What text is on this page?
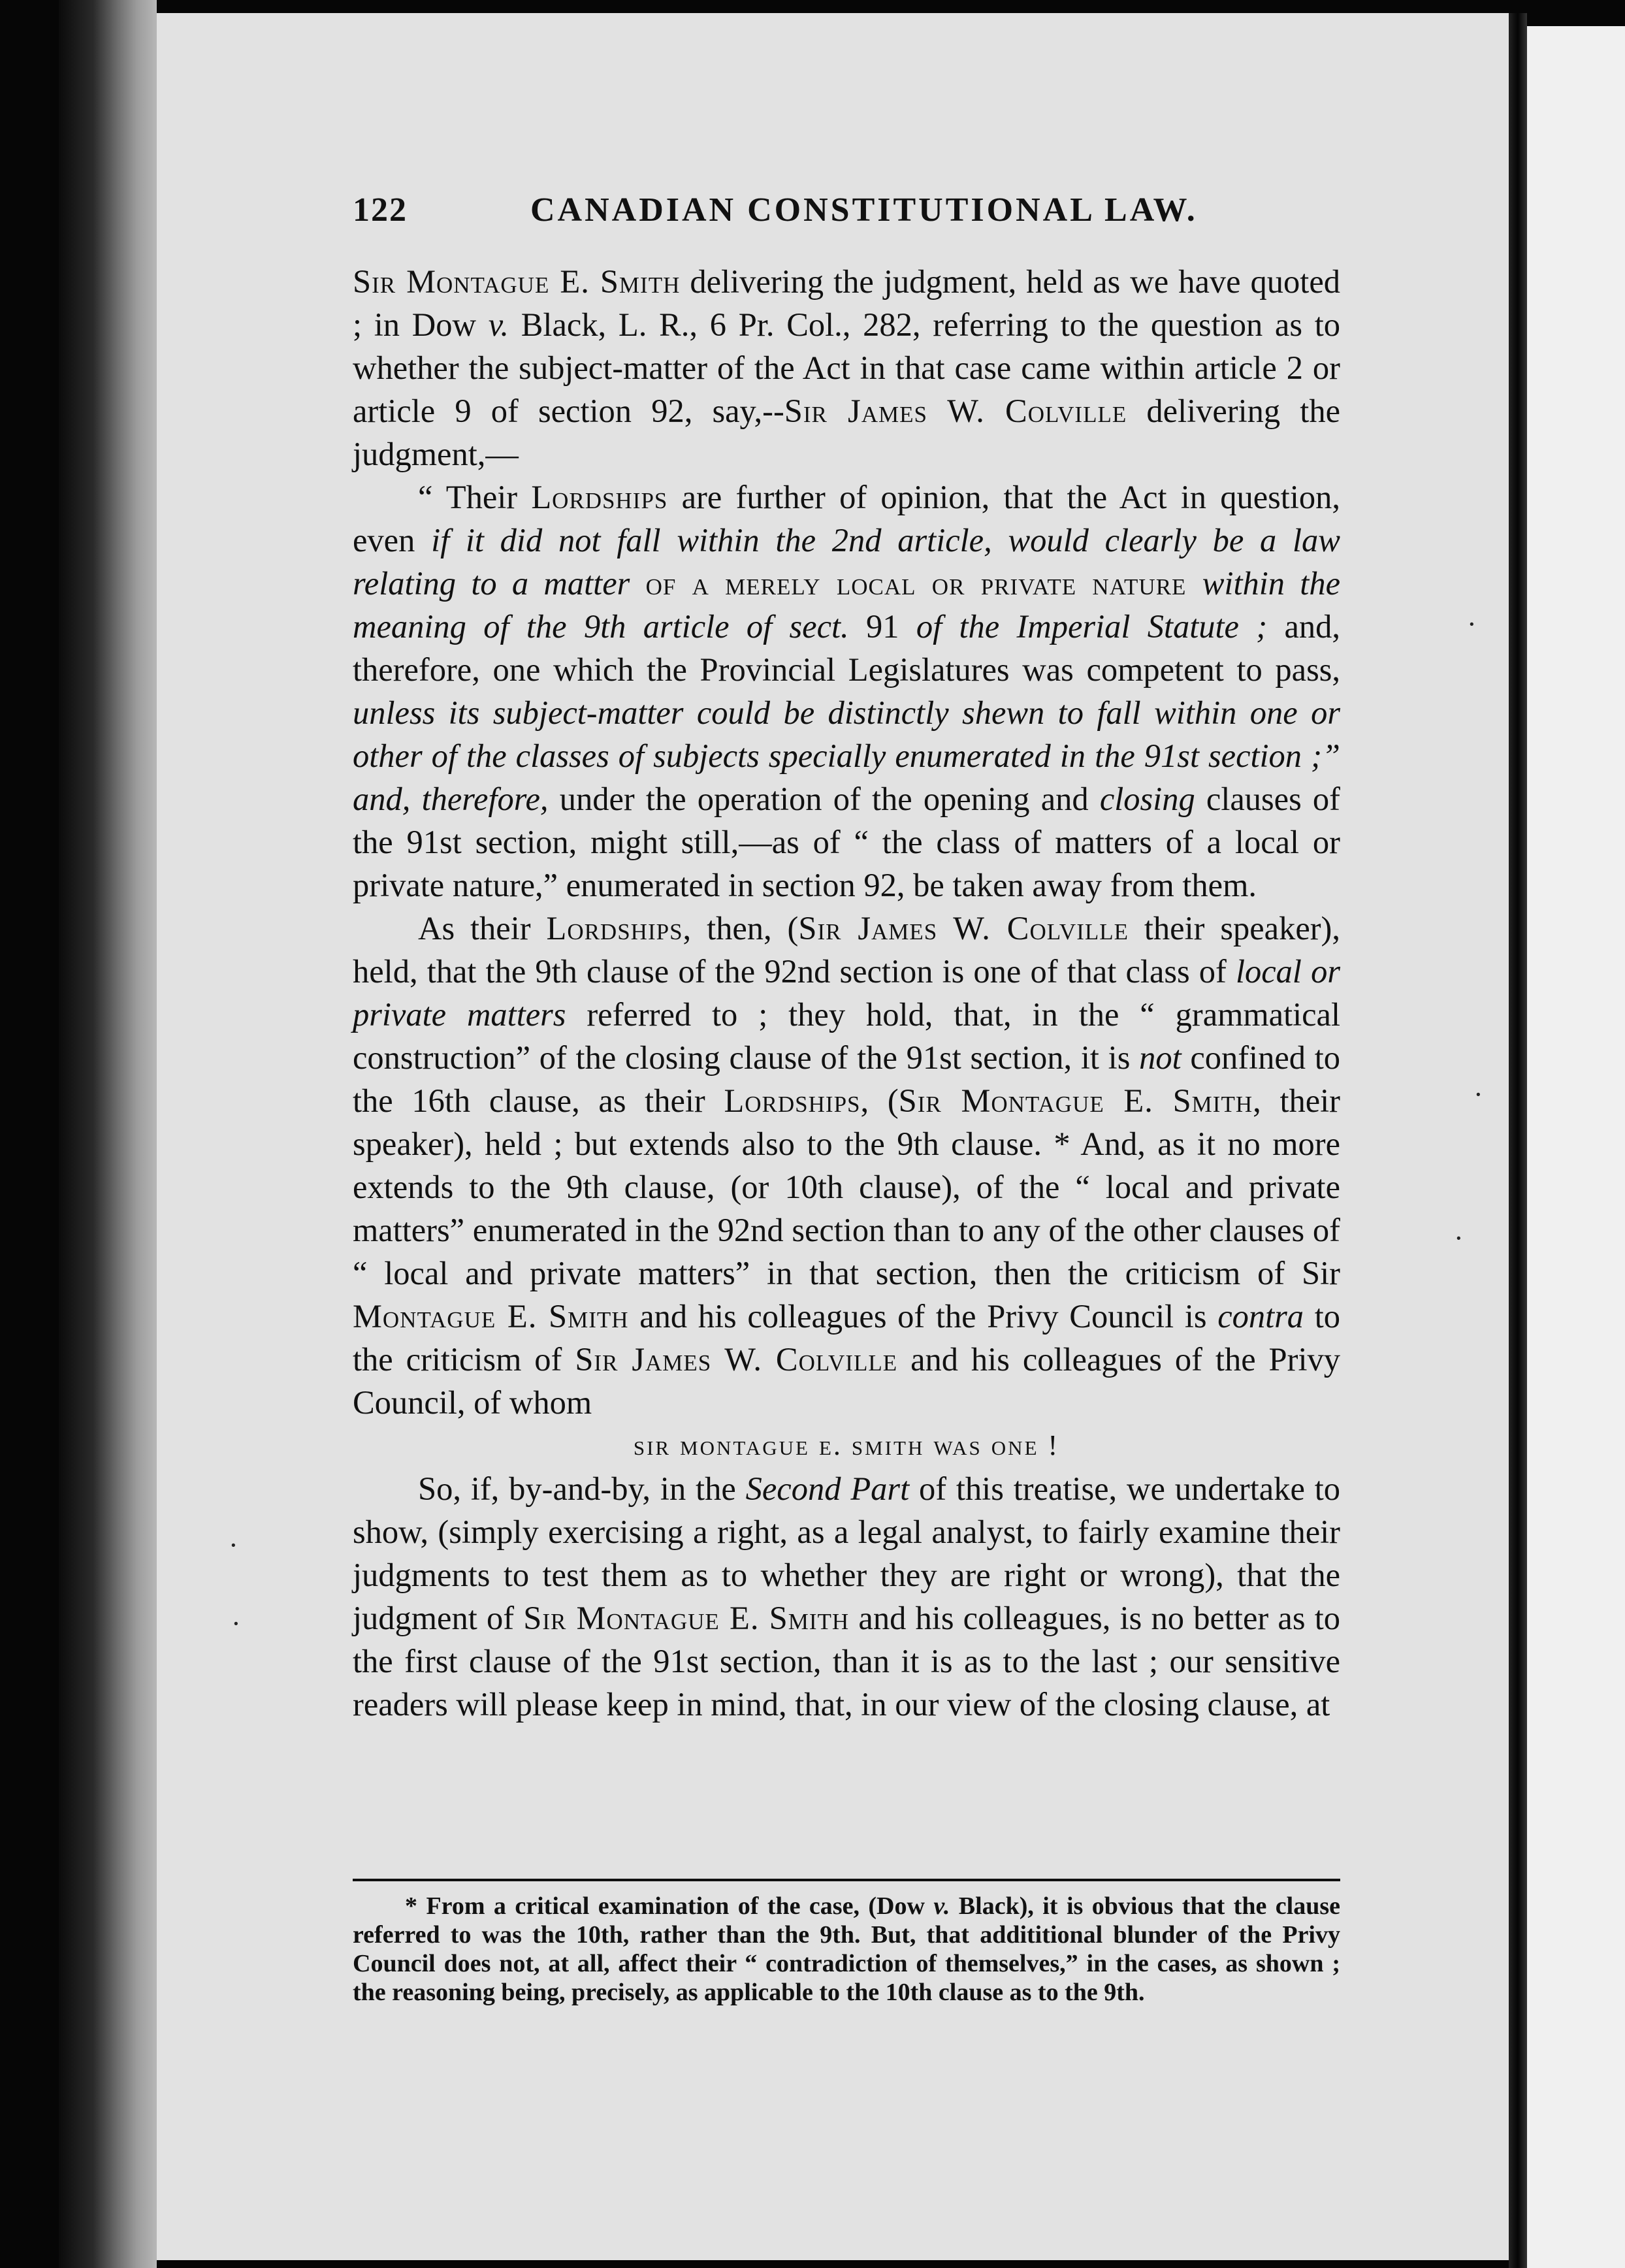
122	CANADIAN CONSTITUTIONAL LAW.

Sir Montague E. Smith delivering the judgment, held as we have quoted ; in Dow v. Black, L. R., 6 Pr. Col., 282, referring to the question as to whether the subject-matter of the Act in that case came within article 2 or article 9 of section 92, say,--Sir James W. Colville delivering the judgment,—

“ Their Lordships are further of opinion, that the Act in question, even if it did not fall within the 2nd article, would clearly be a law relating to a matter of a merely local or private nature within the meaning of the 9th article of sect. 91 of the Imperial Statute ; and, therefore, one which the Provincial Legislatures was competent to pass, unless its subject-matter could be distinctly shewn to fall within one or other of the classes of subjects specially enumerated in the 91st section ;” and, therefore, under the operation of the opening and closing clauses of the 91st section, might still,—as of “ the class of matters of a local or private nature,” enumerated in section 92, be taken away from them.

As their Lordships, then, (Sir James W. Colville their speaker), held, that the 9th clause of the 92nd section is one of that class of local or private matters referred to ; they hold, that, in the “ grammatical construction” of the closing clause of the 91st section, it is not confined to the 16th clause, as their Lordships, (Sir Montague E. Smith, their speaker), held ; but extends also to the 9th clause. * And, as it no more extends to the 9th clause, (or 10th clause), of the “ local and private matters” enumerated in the 92nd section than to any of the other clauses of “ local and private matters” in that section, then the criticism of Sir Montague E. Smith and his colleagues of the Privy Council is contra to the criticism of Sir James W. Colville and his colleagues of the Privy Council, of whom

sir montague e. smith was one !

So, if, by-and-by, in the Second Part of this treatise, we undertake to show, (simply exercising a right, as a legal analyst, to fairly examine their judgments to test them as to whether they are right or wrong), that the judgment of Sir Montague E. Smith and his colleagues, is no better as to the first clause of the 91st section, than it is as to the last ; our sensitive readers will please keep in mind, that, in our view of the closing clause, at

* From a critical examination of the case, (Dow v. Black), it is obvious that the clause referred to was the 10th, rather than the 9th. But, that addititional blunder of the Privy Council does not, at all, affect their “ contradiction of themselves,” in the cases, as shown ; the reasoning being, precisely, as applicable to the 10th clause as to the 9th.

·
·
·
·
·
